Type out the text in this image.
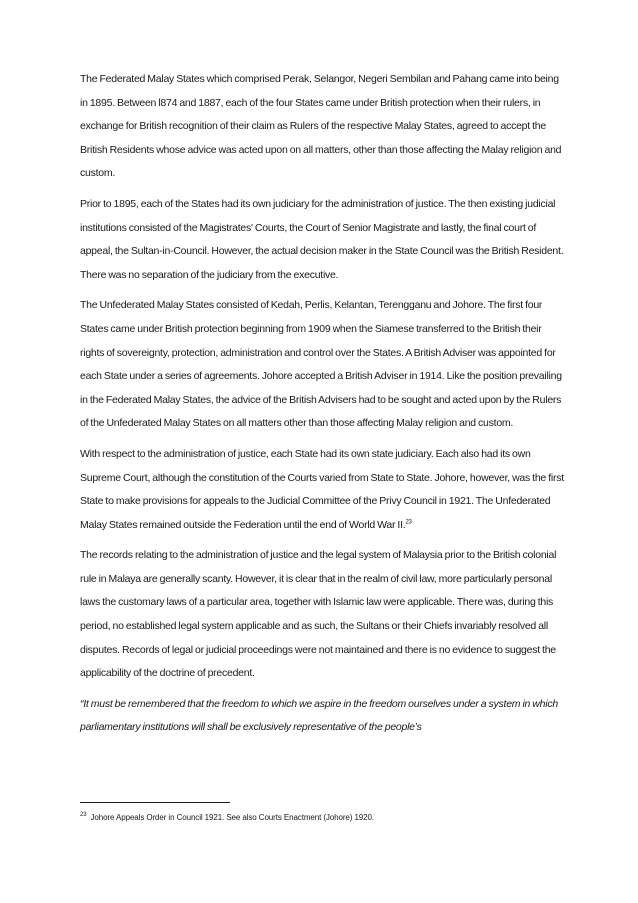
The Federated Malay States which comprised Perak, Selangor, Negeri Sembilan and Pahang came into being in 1895. Between l874 and 1887, each of the four States came under British protection when their rulers, in exchange for British recognition of their claim as Rulers of the respective Malay States, agreed to accept the British Residents whose advice was acted upon on all matters, other than those affecting the Malay religion and custom.

Prior to 1895, each of the States had its own judiciary for the administration of justice. The then existing judicial institutions consisted of the Magistrates' Courts, the Court of Senior Magistrate and lastly, the final court of appeal, the Sultan-in-Council. However, the actual decision maker in the State Council was the British Resident. There was no separation of the judiciary from the executive.

The Unfederated Malay States consisted of Kedah, Perlis, Kelantan, Terengganu and Johore. The first four States came under British protection beginning from 1909 when the Siamese transferred to the British their rights of sovereignty, protection, administration and control over the States. A British Adviser was appointed for each State under a series of agreements. Johore accepted a British Adviser in 1914. Like the position prevailing in the Federated Malay States, the advice of the British Advisers had to be sought and acted upon by the Rulers of the Unfederated Malay States on all matters other than those affecting Malay religion and custom.

With respect to the administration of justice, each State had its own state judiciary. Each also had its own Supreme Court, although the constitution of the Courts varied from State to State. Johore, however, was the first State to make provisions for appeals to the Judicial Committee of the Privy Council in 1921. The Unfederated Malay States remained outside the Federation until the end of World War II.$^{23}$

The records relating to the administration of justice and the legal system of Malaysia prior to the British colonial rule in Malaya are generally scanty. However, it is clear that in the realm of civil law, more particularly personal laws the customary laws of a particular area, together with Islamic law were applicable. There was, during this period, no established legal system applicable and as such, the Sultans or their Chiefs invariably resolved all disputes. Records of legal or judicial proceedings were not maintained and there is no evidence to suggest the applicability of the doctrine of precedent.

“It must be remembered that the freedom to which we aspire in the freedom ourselves under a system in which parliamentary institutions will shall be exclusively representative of the people’s

$^{23}$ Johore Appeals Order in Council 1921. See also Courts Enactment (Johore) 1920.
